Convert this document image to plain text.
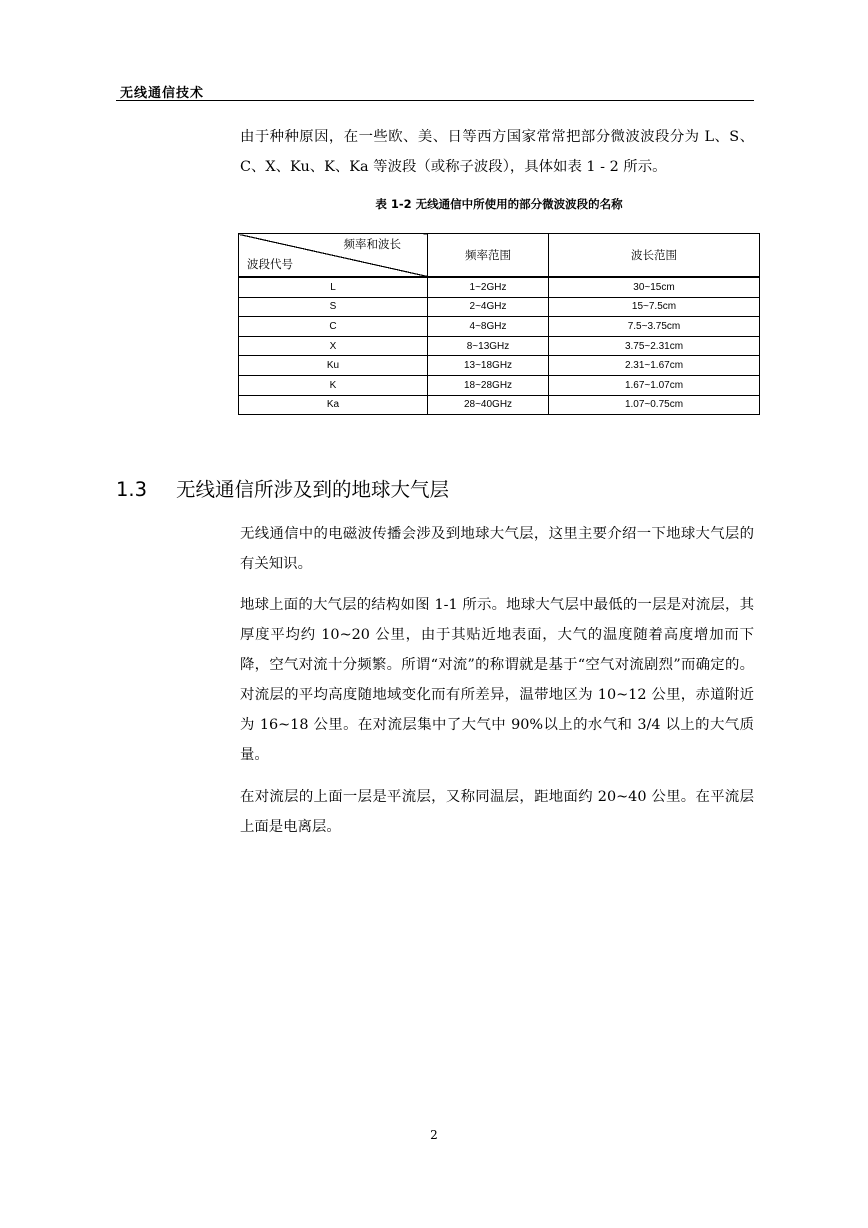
无线通信技术

由于种种原因，在一些欧、美、日等西方国家常常把部分微波波段分为 L、S、C、X、Ku、K、Ka 等波段（或称子波段），具体如表 1 - 2 所示。

表 1-2 无线通信中所使用的部分微波波段的名称
频率和波长
波段代号	频率范围	波长范围
L	1~2GHz	30~15cm
S	2~4GHz	15~7.5cm
C	4~8GHz	7.5~3.75cm
X	8~13GHz	3.75~2.31cm
Ku	13~18GHz	2.31~1.67cm
K	18~28GHz	1.67~1.07cm
Ka	28~40GHz	1.07~0.75cm
1.3 无线通信所涉及到的地球大气层

无线通信中的电磁波传播会涉及到地球大气层，这里主要介绍一下地球大气层的有关知识。

地球上面的大气层的结构如图 1-1 所示。地球大气层中最低的一层是对流层，其厚度平均约 10~20 公里，由于其贴近地表面，大气的温度随着高度增加而下降，空气对流十分频繁。所谓“对流”的称谓就是基于“空气对流剧烈”而确定的。对流层的平均高度随地域变化而有所差异，温带地区为 10~12 公里，赤道附近为 16~18 公里。在对流层集中了大气中 90%以上的水气和 3/4 以上的大气质量。

在对流层的上面一层是平流层，又称同温层，距地面约 20~40 公里。在平流层上面是电离层。

2
